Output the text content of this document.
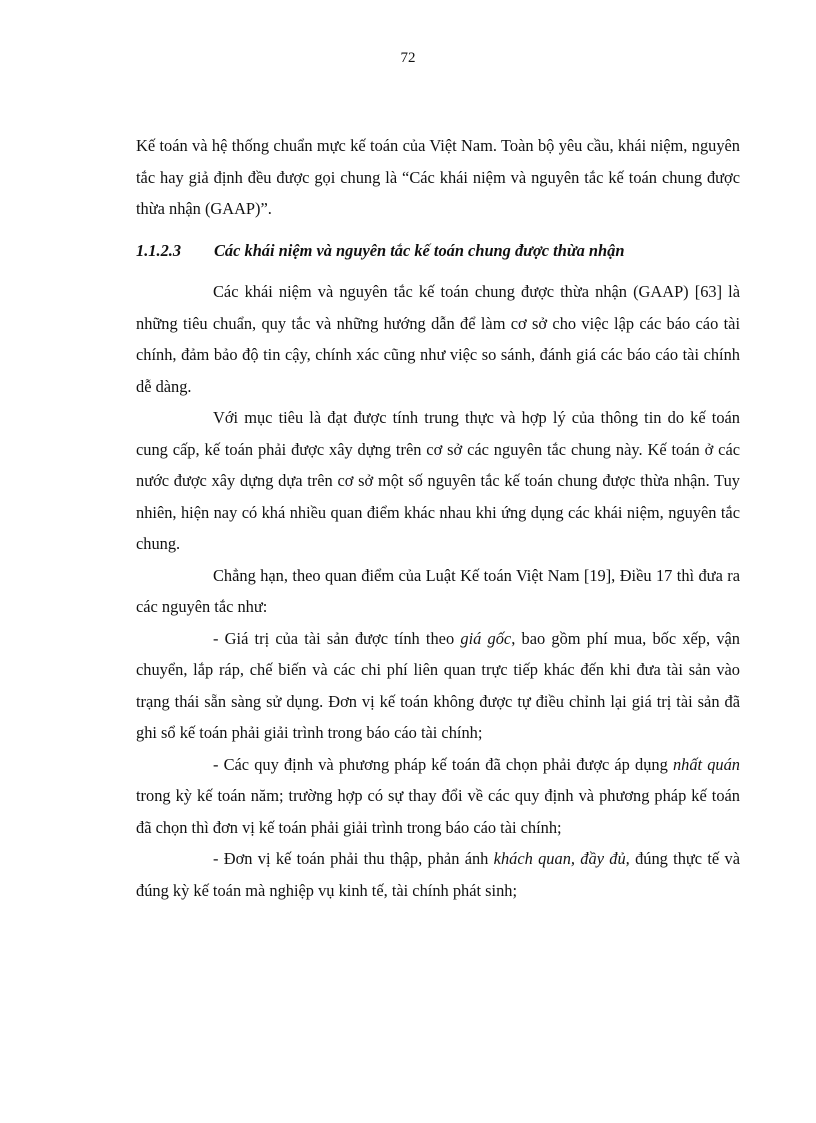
72

Kế toán và hệ thống chuẩn mực kế toán của Việt Nam. Toàn bộ yêu cầu, khái niệm, nguyên tắc hay giả định đều được gọi chung là “Các khái niệm và nguyên tắc kế toán chung được thừa nhận (GAAP)”.

1.1.2.3	Các khái niệm và nguyên tắc kế toán chung được thừa nhận

Các khái niệm và nguyên tắc kế toán chung được thừa nhận (GAAP) [63] là những tiêu chuẩn, quy tắc và những hướng dẫn để làm cơ sở cho việc lập các báo cáo tài chính, đảm bảo độ tin cậy, chính xác cũng như việc so sánh, đánh giá các báo cáo tài chính dễ dàng.

Với mục tiêu là đạt được tính trung thực và hợp lý của thông tin do kế toán cung cấp, kế toán phải được xây dựng trên cơ sở các nguyên tắc chung này. Kế toán ở các nước được xây dựng dựa trên cơ sở một số nguyên tắc kế toán chung được thừa nhận. Tuy nhiên, hiện nay có khá nhiều quan điểm khác nhau khi ứng dụng các khái niệm, nguyên tắc chung.

Chẳng hạn, theo quan điểm của Luật Kế toán Việt Nam [19], Điều 17 thì đưa ra các nguyên tắc như:

- Giá trị của tài sản được tính theo giá gốc, bao gồm phí mua, bốc xếp, vận chuyển, lắp ráp, chế biến và các chi phí liên quan trực tiếp khác đến khi đưa tài sản vào trạng thái sẵn sàng sử dụng. Đơn vị kế toán không được tự điều chỉnh lại giá trị tài sản đã ghi sổ kế toán phải giải trình trong báo cáo tài chính;

- Các quy định và phương pháp kế toán đã chọn phải được áp dụng nhất quán trong kỳ kế toán năm; trường hợp có sự thay đổi về các quy định và phương pháp kế toán đã chọn thì đơn vị kế toán phải giải trình trong báo cáo tài chính;

- Đơn vị kế toán phải thu thập, phản ánh khách quan, đầy đủ, đúng thực tế và đúng kỳ kế toán mà nghiệp vụ kinh tế, tài chính phát sinh;
